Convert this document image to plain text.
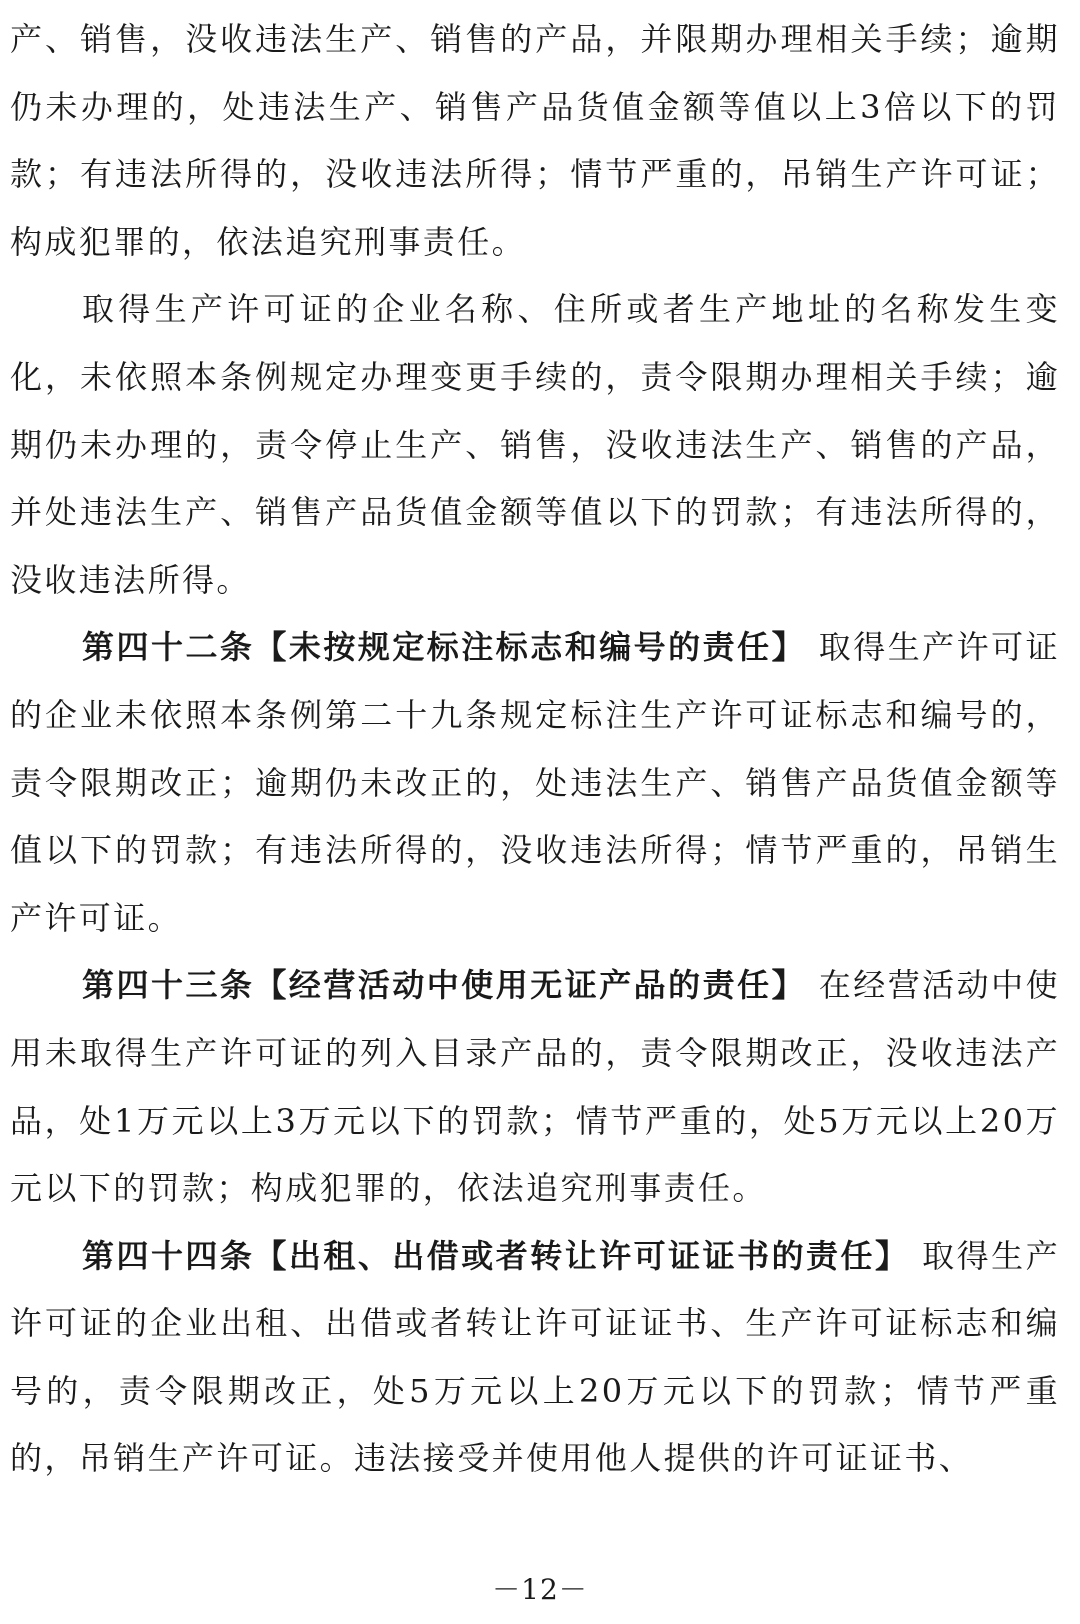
产、销售，没收违法生产、销售的产品，并限期办理相关手续；逾期仍未办理的，处违法生产、销售产品货值金额等值以上3倍以下的罚款；有违法所得的，没收违法所得；情节严重的，吊销生产许可证；构成犯罪的，依法追究刑事责任。

取得生产许可证的企业名称、住所或者生产地址的名称发生变化，未依照本条例规定办理变更手续的，责令限期办理相关手续；逾期仍未办理的，责令停止生产、销售，没收违法生产、销售的产品，并处违法生产、销售产品货值金额等值以下的罚款；有违法所得的，没收违法所得。

第四十二条【未按规定标注标志和编号的责任】 取得生产许可证的企业未依照本条例第二十九条规定标注生产许可证标志和编号的，责令限期改正；逾期仍未改正的，处违法生产、销售产品货值金额等值以下的罚款；有违法所得的，没收违法所得；情节严重的，吊销生产许可证。

第四十三条【经营活动中使用无证产品的责任】 在经营活动中使用未取得生产许可证的列入目录产品的，责令限期改正，没收违法产品，处1万元以上3万元以下的罚款；情节严重的，处5万元以上20万元以下的罚款；构成犯罪的，依法追究刑事责任。

第四十四条【出租、出借或者转让许可证证书的责任】 取得生产许可证的企业出租、出借或者转让许可证证书、生产许可证标志和编号的，责令限期改正，处5万元以上20万元以下的罚款；情节严重的，吊销生产许可证。违法接受并使用他人提供的许可证证书、

－12－
